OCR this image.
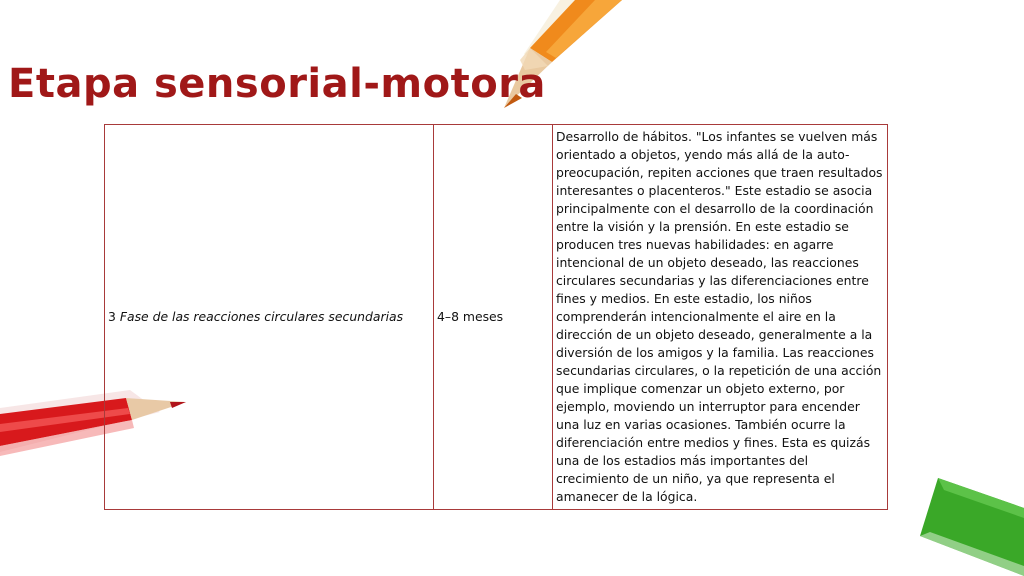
Etapa sensorial-motora
3 Fase de las reacciones circulares secundarias	4–8 meses	Desarrollo de hábitos. "Los infantes se vuelven más orientado a objetos, yendo más allá de la auto-preocupación, repiten acciones que traen resultados interesantes o placenteros." Este estadio se asocia principalmente con el desarrollo de la coordinación entre la visión y la prensión. En este estadio se producen tres nuevas habilidades: en agarre intencional de un objeto deseado, las reacciones circulares secundarias y las diferenciaciones entre fines y medios. En este estadio, los niños comprenderán intencionalmente el aire en la dirección de un objeto deseado, generalmente a la diversión de los amigos y la familia. Las reacciones secundarias circulares, o la repetición de una acción que implique comenzar un objeto externo, por ejemplo, moviendo un interruptor para encender una luz en varias ocasiones. También ocurre la diferenciación entre medios y fines. Esta es quizás una de los estadios más importantes del crecimiento de un niño, ya que representa el amanecer de la lógica.
